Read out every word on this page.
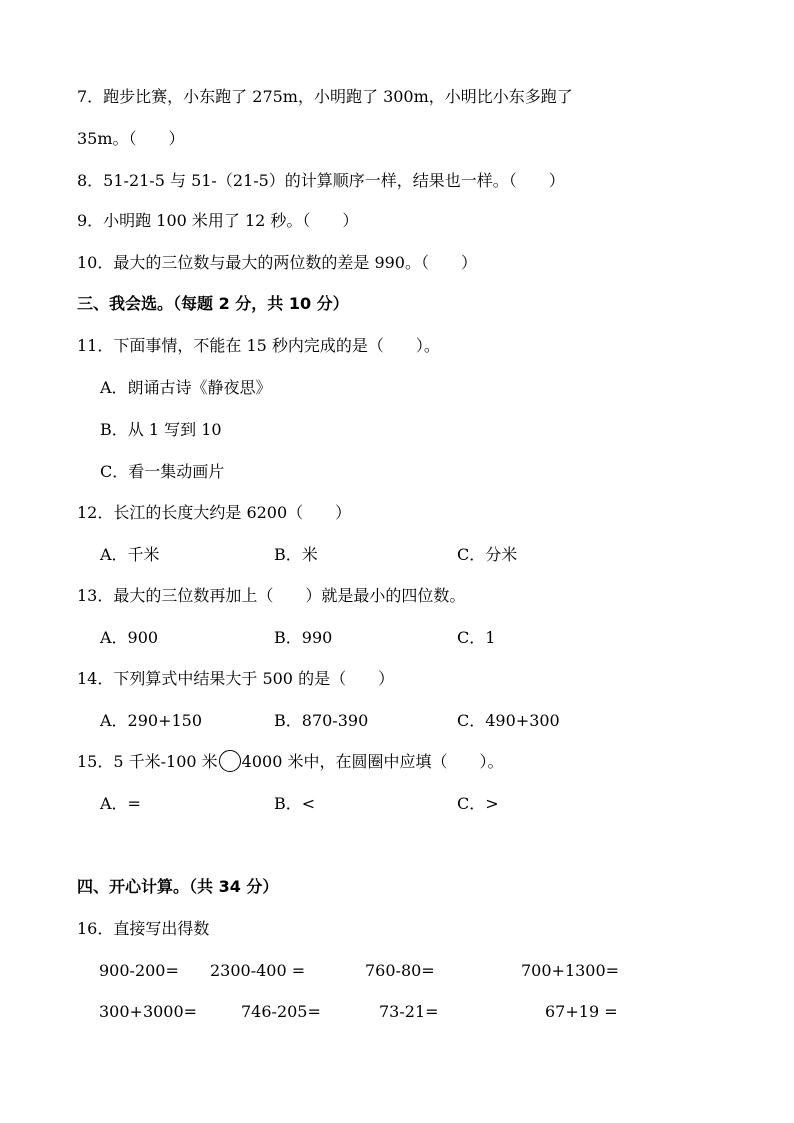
7．跑步比赛，小东跑了 275m，小明跑了 300m，小明比小东多跑了
35m。（　　）
8．51-21-5 与 51-（21-5）的计算顺序一样，结果也一样。（　　）
9．小明跑 100 米用了 12 秒。（　　）
10．最大的三位数与最大的两位数的差是 990。（　　）
三、我会选。（每题 2 分，共 10 分）
11．下面事情，不能在 15 秒内完成的是（　　）。
A．朗诵古诗《静夜思》
B．从 1 写到 10
C．看一集动画片
12．长江的长度大约是 6200（　　）
A．千米	B．米	C．分米
13．最大的三位数再加上（　　）就是最小的四位数。
A．900	B．990	C．1
14．下列算式中结果大于 500 的是（　　）
A．290+150	B．870-390	C．490+300
15．5 千米-100 米 4000 米中，在圆圈中应填（　　）。
A．=	B．<	C．>
四、开心计算。（共 34 分）
16．直接写出得数
900-200= 2300-400 =	760-80=	700+1300=
300+3000=	746-205=	73-21=	67+19 =
